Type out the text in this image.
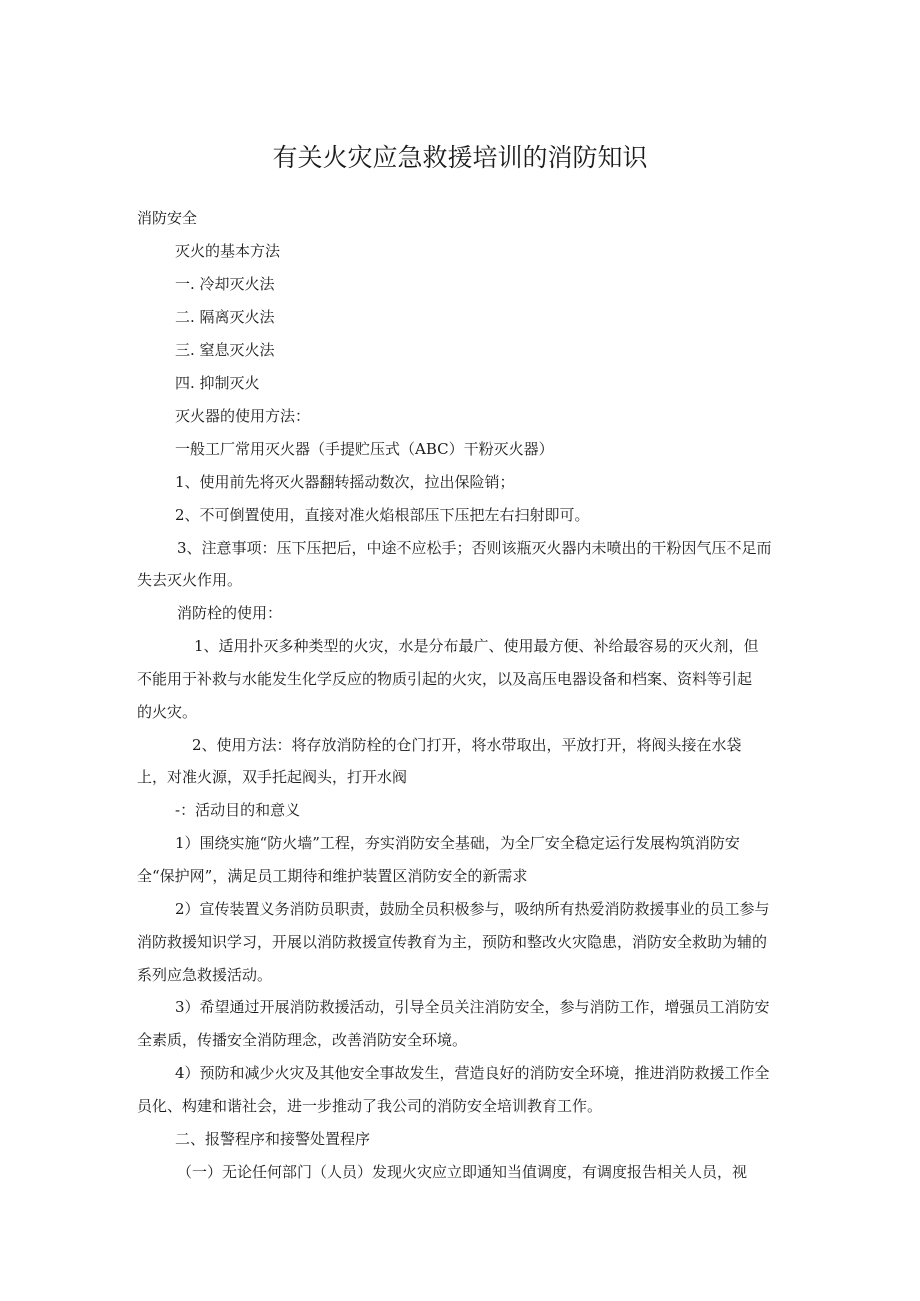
有关火灾应急救援培训的消防知识
消防安全
灭火的基本方法
一. 冷却灭火法
二. 隔离灭火法
三. 窒息灭火法
四. 抑制灭火
灭火器的使用方法：
一般工厂常用灭火器（手提贮压式（ABC）干粉灭火器）
1、使用前先将灭火器翻转摇动数次，拉出保险销；
2、不可倒置使用，直接对准火焰根部压下压把左右扫射即可。
3、注意事项：压下压把后，中途不应松手；否则该瓶灭火器内未喷出的干粉因气压不足而
失去灭火作用。
消防栓的使用：
1、适用扑灭多种类型的火灾，水是分布最广、使用最方便、补给最容易的灭火剂，但
不能用于补救与水能发生化学反应的物质引起的火灾，以及高压电器设备和档案、资料等引起
的火灾。
2、使用方法：将存放消防栓的仓门打开，将水带取出，平放打开，将阀头接在水袋
上，对准火源，双手托起阀头，打开水阀
-：活动目的和意义
1）围绕实施“防火墙”工程，夯实消防安全基础，为全厂安全稳定运行发展构筑消防安
全“保护网”，满足员工期待和维护装置区消防安全的新需求
2）宣传装置义务消防员职责，鼓励全员积极参与，吸纳所有热爱消防救援事业的员工参与
消防救援知识学习，开展以消防救援宣传教育为主，预防和整改火灾隐患，消防安全救助为辅的
系列应急救援活动。
3）希望通过开展消防救援活动，引导全员关注消防安全，参与消防工作，增强员工消防安
全素质，传播安全消防理念，改善消防安全环境。
4）预防和减少火灾及其他安全事故发生，营造良好的消防安全环境，推进消防救援工作全
员化、构建和谐社会，进一步推动了我公司的消防安全培训教育工作。
二、报警程序和接警处置程序
（一）无论任何部门（人员）发现火灾应立即通知当值调度，有调度报告相关人员，视
